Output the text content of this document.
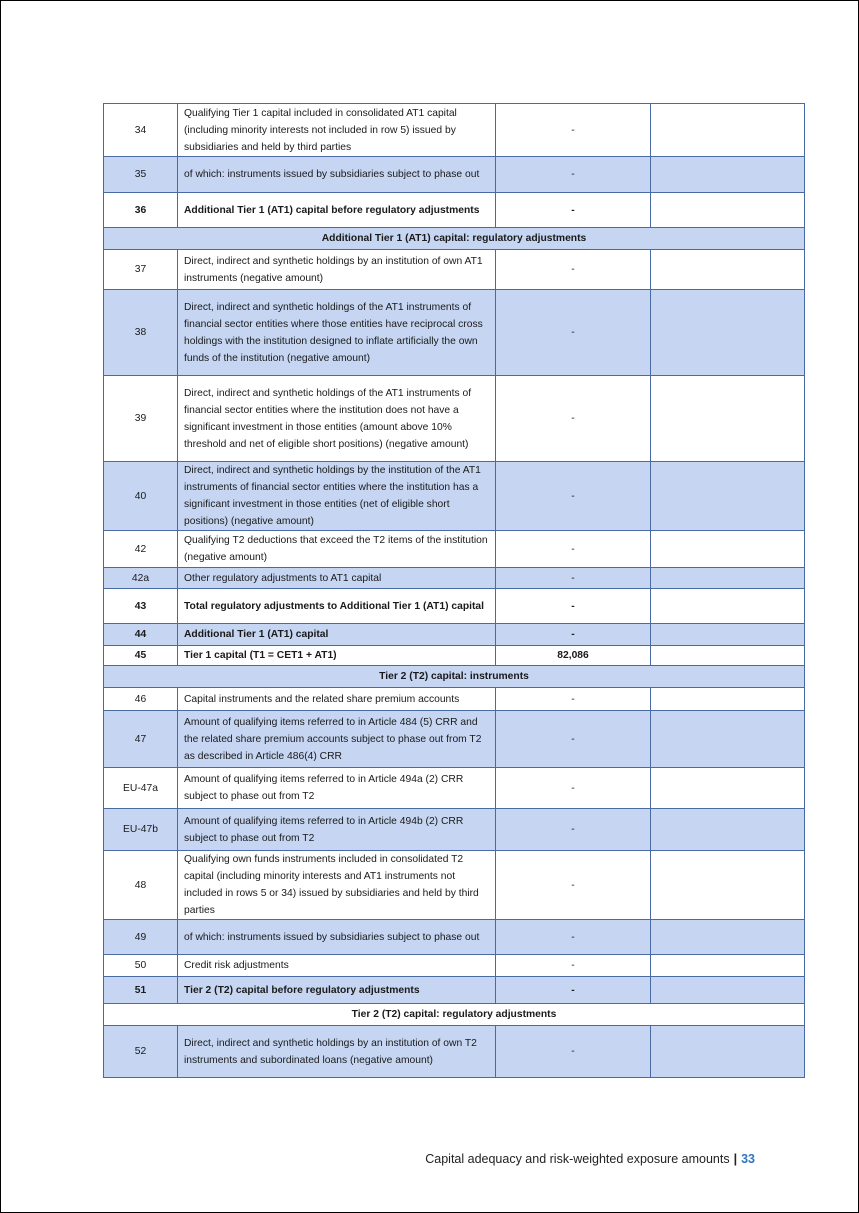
34	Qualifying Tier 1 capital included in consolidated AT1 capital (including minority interests not included in row 5) issued by subsidiaries and held by third parties	-	
35	of which: instruments issued by subsidiaries subject to phase out	-	
36	Additional Tier 1 (AT1) capital before regulatory adjustments	-	
Additional Tier 1 (AT1) capital: regulatory adjustments			
37	Direct, indirect and synthetic holdings by an institution of own AT1 instruments (negative amount)	-	
38	Direct, indirect and synthetic holdings of the AT1 instruments of financial sector entities where those entities have reciprocal cross holdings with the institution designed to inflate artificially the own funds of the institution (negative amount)	-	
39	Direct, indirect and synthetic holdings of the AT1 instruments of financial sector entities where the institution does not have a significant investment in those entities (amount above 10% threshold and net of eligible short positions) (negative amount)	-	
40	Direct, indirect and synthetic holdings by the institution of the AT1 instruments of financial sector entities where the institution has a significant investment in those entities (net of eligible short positions) (negative amount)	-	
42	Qualifying T2 deductions that exceed the T2 items of the institution (negative amount)	-	
42a	Other regulatory adjustments to AT1 capital	-	
43	Total regulatory adjustments to Additional Tier 1 (AT1) capital	-	
44	Additional Tier 1 (AT1) capital	-	
45	Tier 1 capital (T1 = CET1 + AT1)	82,086	
Tier 2 (T2) capital: instruments			
46	Capital instruments and the related share premium accounts	-	
47	Amount of qualifying items referred to in Article 484 (5) CRR and the related share premium accounts subject to phase out from T2 as described in Article 486(4) CRR	-	
EU-47a	Amount of qualifying items referred to in Article 494a (2) CRR subject to phase out from T2	-	
EU-47b	Amount of qualifying items referred to in Article 494b (2) CRR subject to phase out from T2	-	
48	Qualifying own funds instruments included in consolidated T2 capital (including minority interests and AT1 instruments not included in rows 5 or 34) issued by subsidiaries and held by third parties	-	
49	of which: instruments issued by subsidiaries subject to phase out	-	
50	Credit risk adjustments	-	
51	Tier 2 (T2) capital before regulatory adjustments	-	
Tier 2 (T2) capital: regulatory adjustments			
52	Direct, indirect and synthetic holdings by an institution of own T2 instruments and subordinated loans (negative amount)	-	
Capital adequacy and risk-weighted exposure amounts | 33
